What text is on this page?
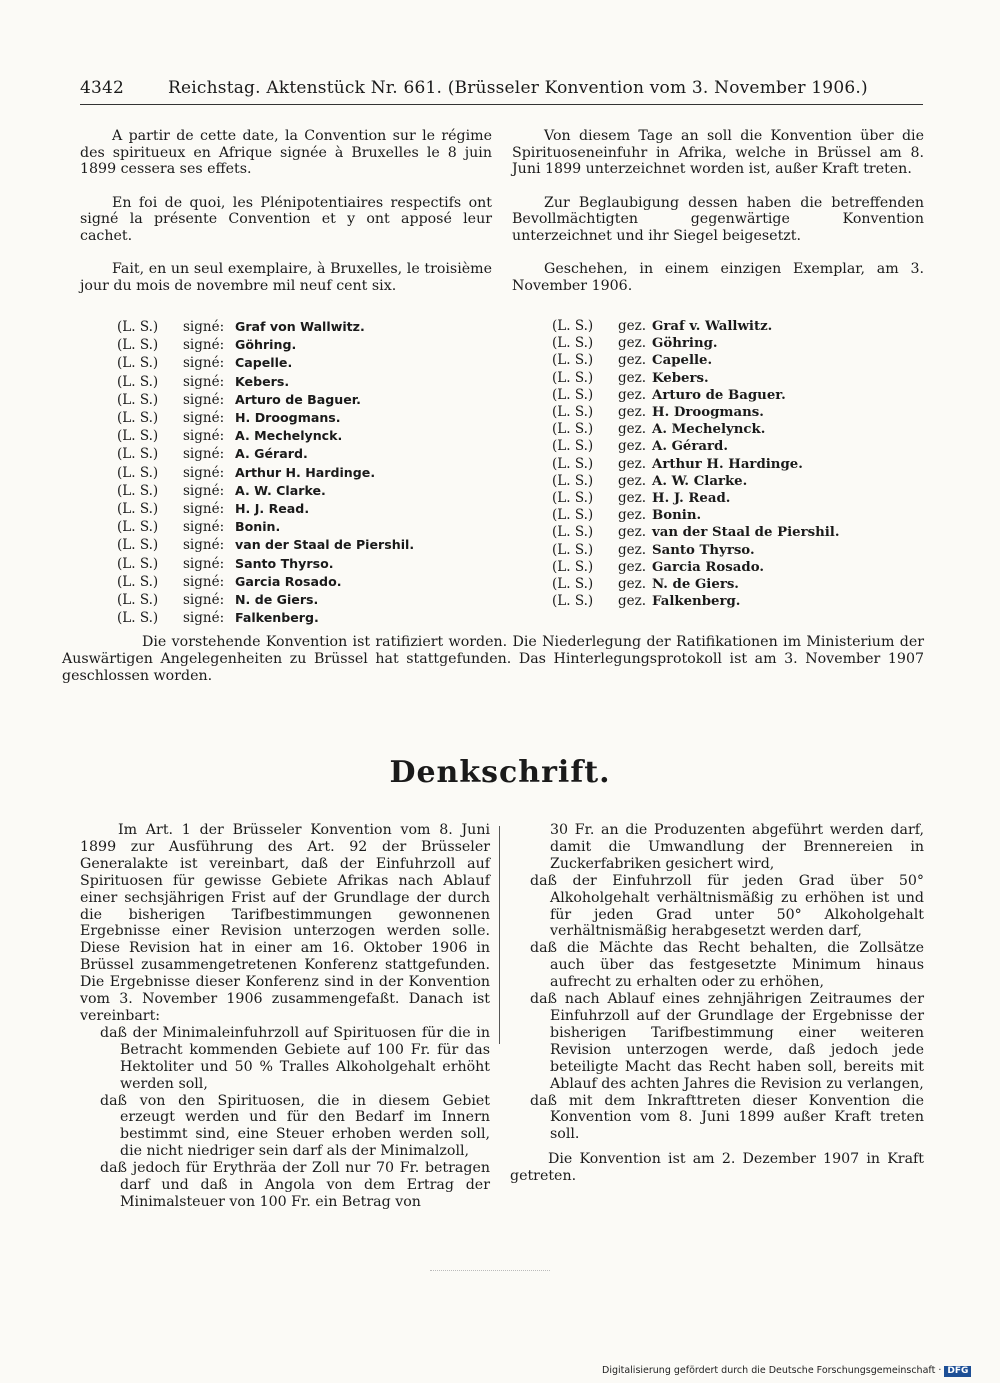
4342	Reichstag. Aktenstück Nr. 661. (Brüsseler Konvention vom 3. November 1906.)

A partir de cette date, la Convention sur le régime des spiritueux en Afrique signée à Bruxelles le 8 juin 1899 cessera ses effets.

En foi de quoi, les Plénipotentiaires respectifs ont signé la présente Convention et y ont apposé leur cachet.

Fait, en un seul exemplaire, à Bruxelles, le troisième jour du mois de novembre mil neuf cent six.

Von diesem Tage an soll die Konvention über die Spirituoseneinfuhr in Afrika, welche in Brüssel am 8. Juni 1899 unterzeichnet worden ist, außer Kraft treten.

Zur Beglaubigung dessen haben die betreffenden Bevollmächtigten gegenwärtige Konvention unterzeichnet und ihr Siegel beigesetzt.

Geschehen, in einem einzigen Exemplar, am 3. November 1906.

(L. S.) signé: Graf von Wallwitz.
(L. S.) signé: Göhring.
(L. S.) signé: Capelle.
(L. S.) signé: Kebers.
(L. S.) signé: Arturo de Baguer.
(L. S.) signé: H. Droogmans.
(L. S.) signé: A. Mechelynck.
(L. S.) signé: A. Gérard.
(L. S.) signé: Arthur H. Hardinge.
(L. S.) signé: A. W. Clarke.
(L. S.) signé: H. J. Read.
(L. S.) signé: Bonin.
(L. S.) signé: van der Staal de Piershil.
(L. S.) signé: Santo Thyrso.
(L. S.) signé: Garcia Rosado.
(L. S.) signé: N. de Giers.
(L. S.) signé: Falkenberg.
(L. S.) gez. Graf v. Wallwitz.
(L. S.) gez. Göhring.
(L. S.) gez. Capelle.
(L. S.) gez. Kebers.
(L. S.) gez. Arturo de Baguer.
(L. S.) gez. H. Droogmans.
(L. S.) gez. A. Mechelynck.
(L. S.) gez. A. Gérard.
(L. S.) gez. Arthur H. Hardinge.
(L. S.) gez. A. W. Clarke.
(L. S.) gez. H. J. Read.
(L. S.) gez. Bonin.
(L. S.) gez. van der Staal de Piershil.
(L. S.) gez. Santo Thyrso.
(L. S.) gez. Garcia Rosado.
(L. S.) gez. N. de Giers.
(L. S.) gez. Falkenberg.
Die vorstehende Konvention ist ratifiziert worden. Die Niederlegung der Ratifikationen im Ministerium der Auswärtigen Angelegenheiten zu Brüssel hat stattgefunden. Das Hinterlegungsprotokoll ist am 3. November 1907 geschlossen worden.
Denkschrift.

Im Art. 1 der Brüsseler Konvention vom 8. Juni 1899 zur Ausführung des Art. 92 der Brüsseler Generalakte ist vereinbart, daß der Einfuhrzoll auf Spirituosen für gewisse Gebiete Afrikas nach Ablauf einer sechsjährigen Frist auf der Grundlage der durch die bisherigen Tarifbestimmungen gewonnenen Ergebnisse einer Revision unterzogen werden solle. Diese Revision hat in einer am 16. Oktober 1906 in Brüssel zusammengetretenen Konferenz stattgefunden. Die Ergebnisse dieser Konferenz sind in der Konvention vom 3. November 1906 zusammengefaßt. Danach ist vereinbart:

daß der Minimaleinfuhrzoll auf Spirituosen für die in Betracht kommenden Gebiete auf 100 Fr. für das Hektoliter und 50 % Tralles Alkoholgehalt erhöht werden soll,

daß von den Spirituosen, die in diesem Gebiet erzeugt werden und für den Bedarf im Innern bestimmt sind, eine Steuer erhoben werden soll, die nicht niedriger sein darf als der Minimalzoll,

daß jedoch für Erythräa der Zoll nur 70 Fr. betragen darf und daß in Angola von dem Ertrag der Minimalsteuer von 100 Fr. ein Betrag von

30 Fr. an die Produzenten abgeführt werden darf, damit die Umwandlung der Brennereien in Zuckerfabriken gesichert wird,

daß der Einfuhrzoll für jeden Grad über 50° Alkoholgehalt verhältnismäßig zu erhöhen ist und für jeden Grad unter 50° Alkoholgehalt verhältnismäßig herabgesetzt werden darf,

daß die Mächte das Recht behalten, die Zollsätze auch über das festgesetzte Minimum hinaus aufrecht zu erhalten oder zu erhöhen,

daß nach Ablauf eines zehnjährigen Zeitraumes der Einfuhrzoll auf der Grundlage der Ergebnisse der bisherigen Tarifbestimmung einer weiteren Revision unterzogen werde, daß jedoch jede beteiligte Macht das Recht haben soll, bereits mit Ablauf des achten Jahres die Revision zu verlangen,

daß mit dem Inkrafttreten dieser Konvention die Konvention vom 8. Juni 1899 außer Kraft treten soll.

Die Konvention ist am 2. Dezember 1907 in Kraft getreten.

Digitalisierung gefördert durch die Deutsche Forschungsgemeinschaft · DFG
